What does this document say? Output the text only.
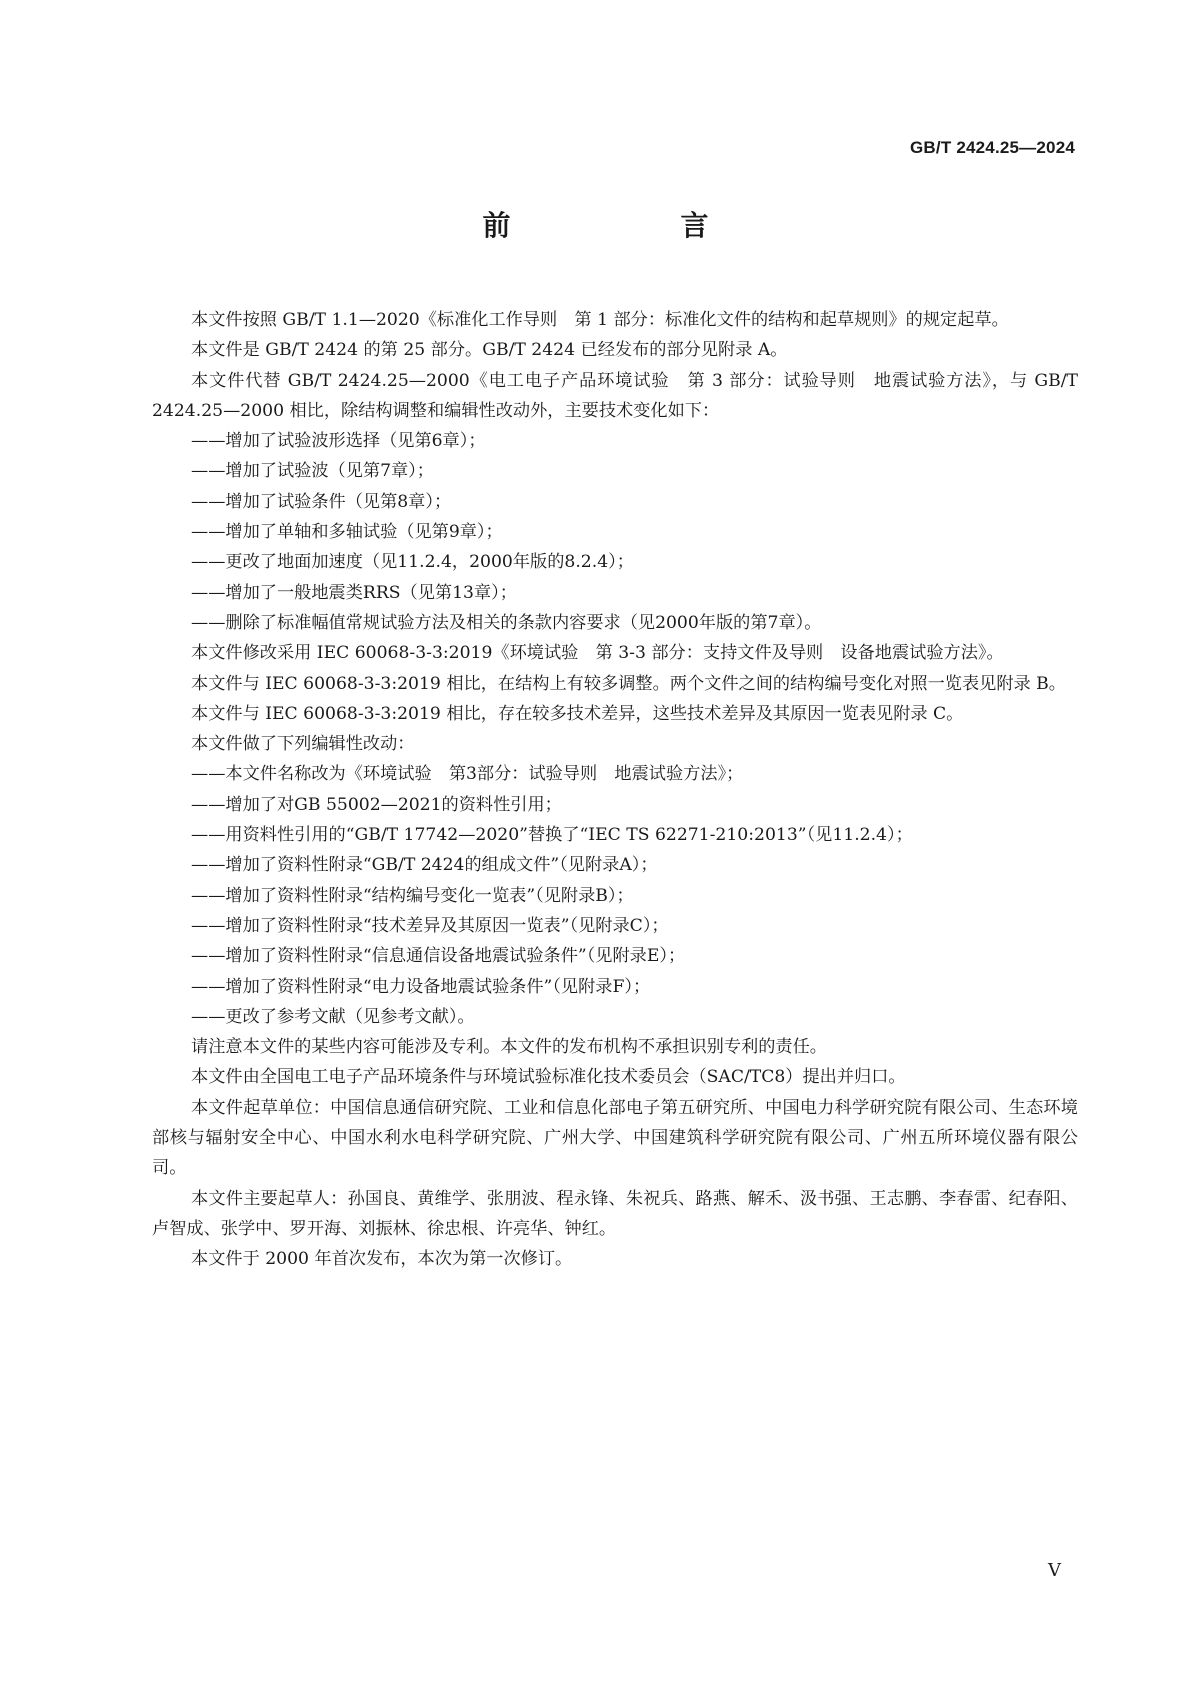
GB/T 2424.25—2024
前　　言

本文件按照 GB/T 1.1—2020《标准化工作导则　第 1 部分：标准化文件的结构和起草规则》的规定起草。

本文件是 GB/T 2424 的第 25 部分。GB/T 2424 已经发布的部分见附录 A。

本文件代替 GB/T 2424.25—2000《电工电子产品环境试验　第 3 部分：试验导则　地震试验方法》，与 GB/T 2424.25—2000 相比，除结构调整和编辑性改动外，主要技术变化如下：

——增加了试验波形选择（见第6章）；

——增加了试验波（见第7章）；

——增加了试验条件（见第8章）；

——增加了单轴和多轴试验（见第9章）；

——更改了地面加速度（见11.2.4，2000年版的8.2.4）；

——增加了一般地震类RRS（见第13章）；

——删除了标准幅值常规试验方法及相关的条款内容要求（见2000年版的第7章）。

本文件修改采用 IEC 60068-3-3:2019《环境试验　第 3-3 部分：支持文件及导则　设备地震试验方法》。

本文件与 IEC 60068-3-3:2019 相比，在结构上有较多调整。两个文件之间的结构编号变化对照一览表见附录 B。

本文件与 IEC 60068-3-3:2019 相比，存在较多技术差异，这些技术差异及其原因一览表见附录 C。

本文件做了下列编辑性改动：

——本文件名称改为《环境试验　第3部分：试验导则　地震试验方法》；

——增加了对GB 55002—2021的资料性引用；

——用资料性引用的“GB/T 17742—2020”替换了“IEC TS 62271-210:2013”（见11.2.4）；

——增加了资料性附录“GB/T 2424的组成文件”（见附录A）；

——增加了资料性附录“结构编号变化一览表”（见附录B）；

——增加了资料性附录“技术差异及其原因一览表”（见附录C）；

——增加了资料性附录“信息通信设备地震试验条件”（见附录E）；

——增加了资料性附录“电力设备地震试验条件”（见附录F）；

——更改了参考文献（见参考文献）。

请注意本文件的某些内容可能涉及专利。本文件的发布机构不承担识别专利的责任。

本文件由全国电工电子产品环境条件与环境试验标准化技术委员会（SAC/TC8）提出并归口。

本文件起草单位：中国信息通信研究院、工业和信息化部电子第五研究所、中国电力科学研究院有限公司、生态环境部核与辐射安全中心、中国水利水电科学研究院、广州大学、中国建筑科学研究院有限公司、广州五所环境仪器有限公司。

本文件主要起草人：孙国良、黄维学、张朋波、程永锋、朱祝兵、路燕、解禾、汲书强、王志鹏、李春雷、纪春阳、卢智成、张学中、罗开海、刘振林、徐忠根、许亮华、钟红。

本文件于 2000 年首次发布，本次为第一次修订。

V
